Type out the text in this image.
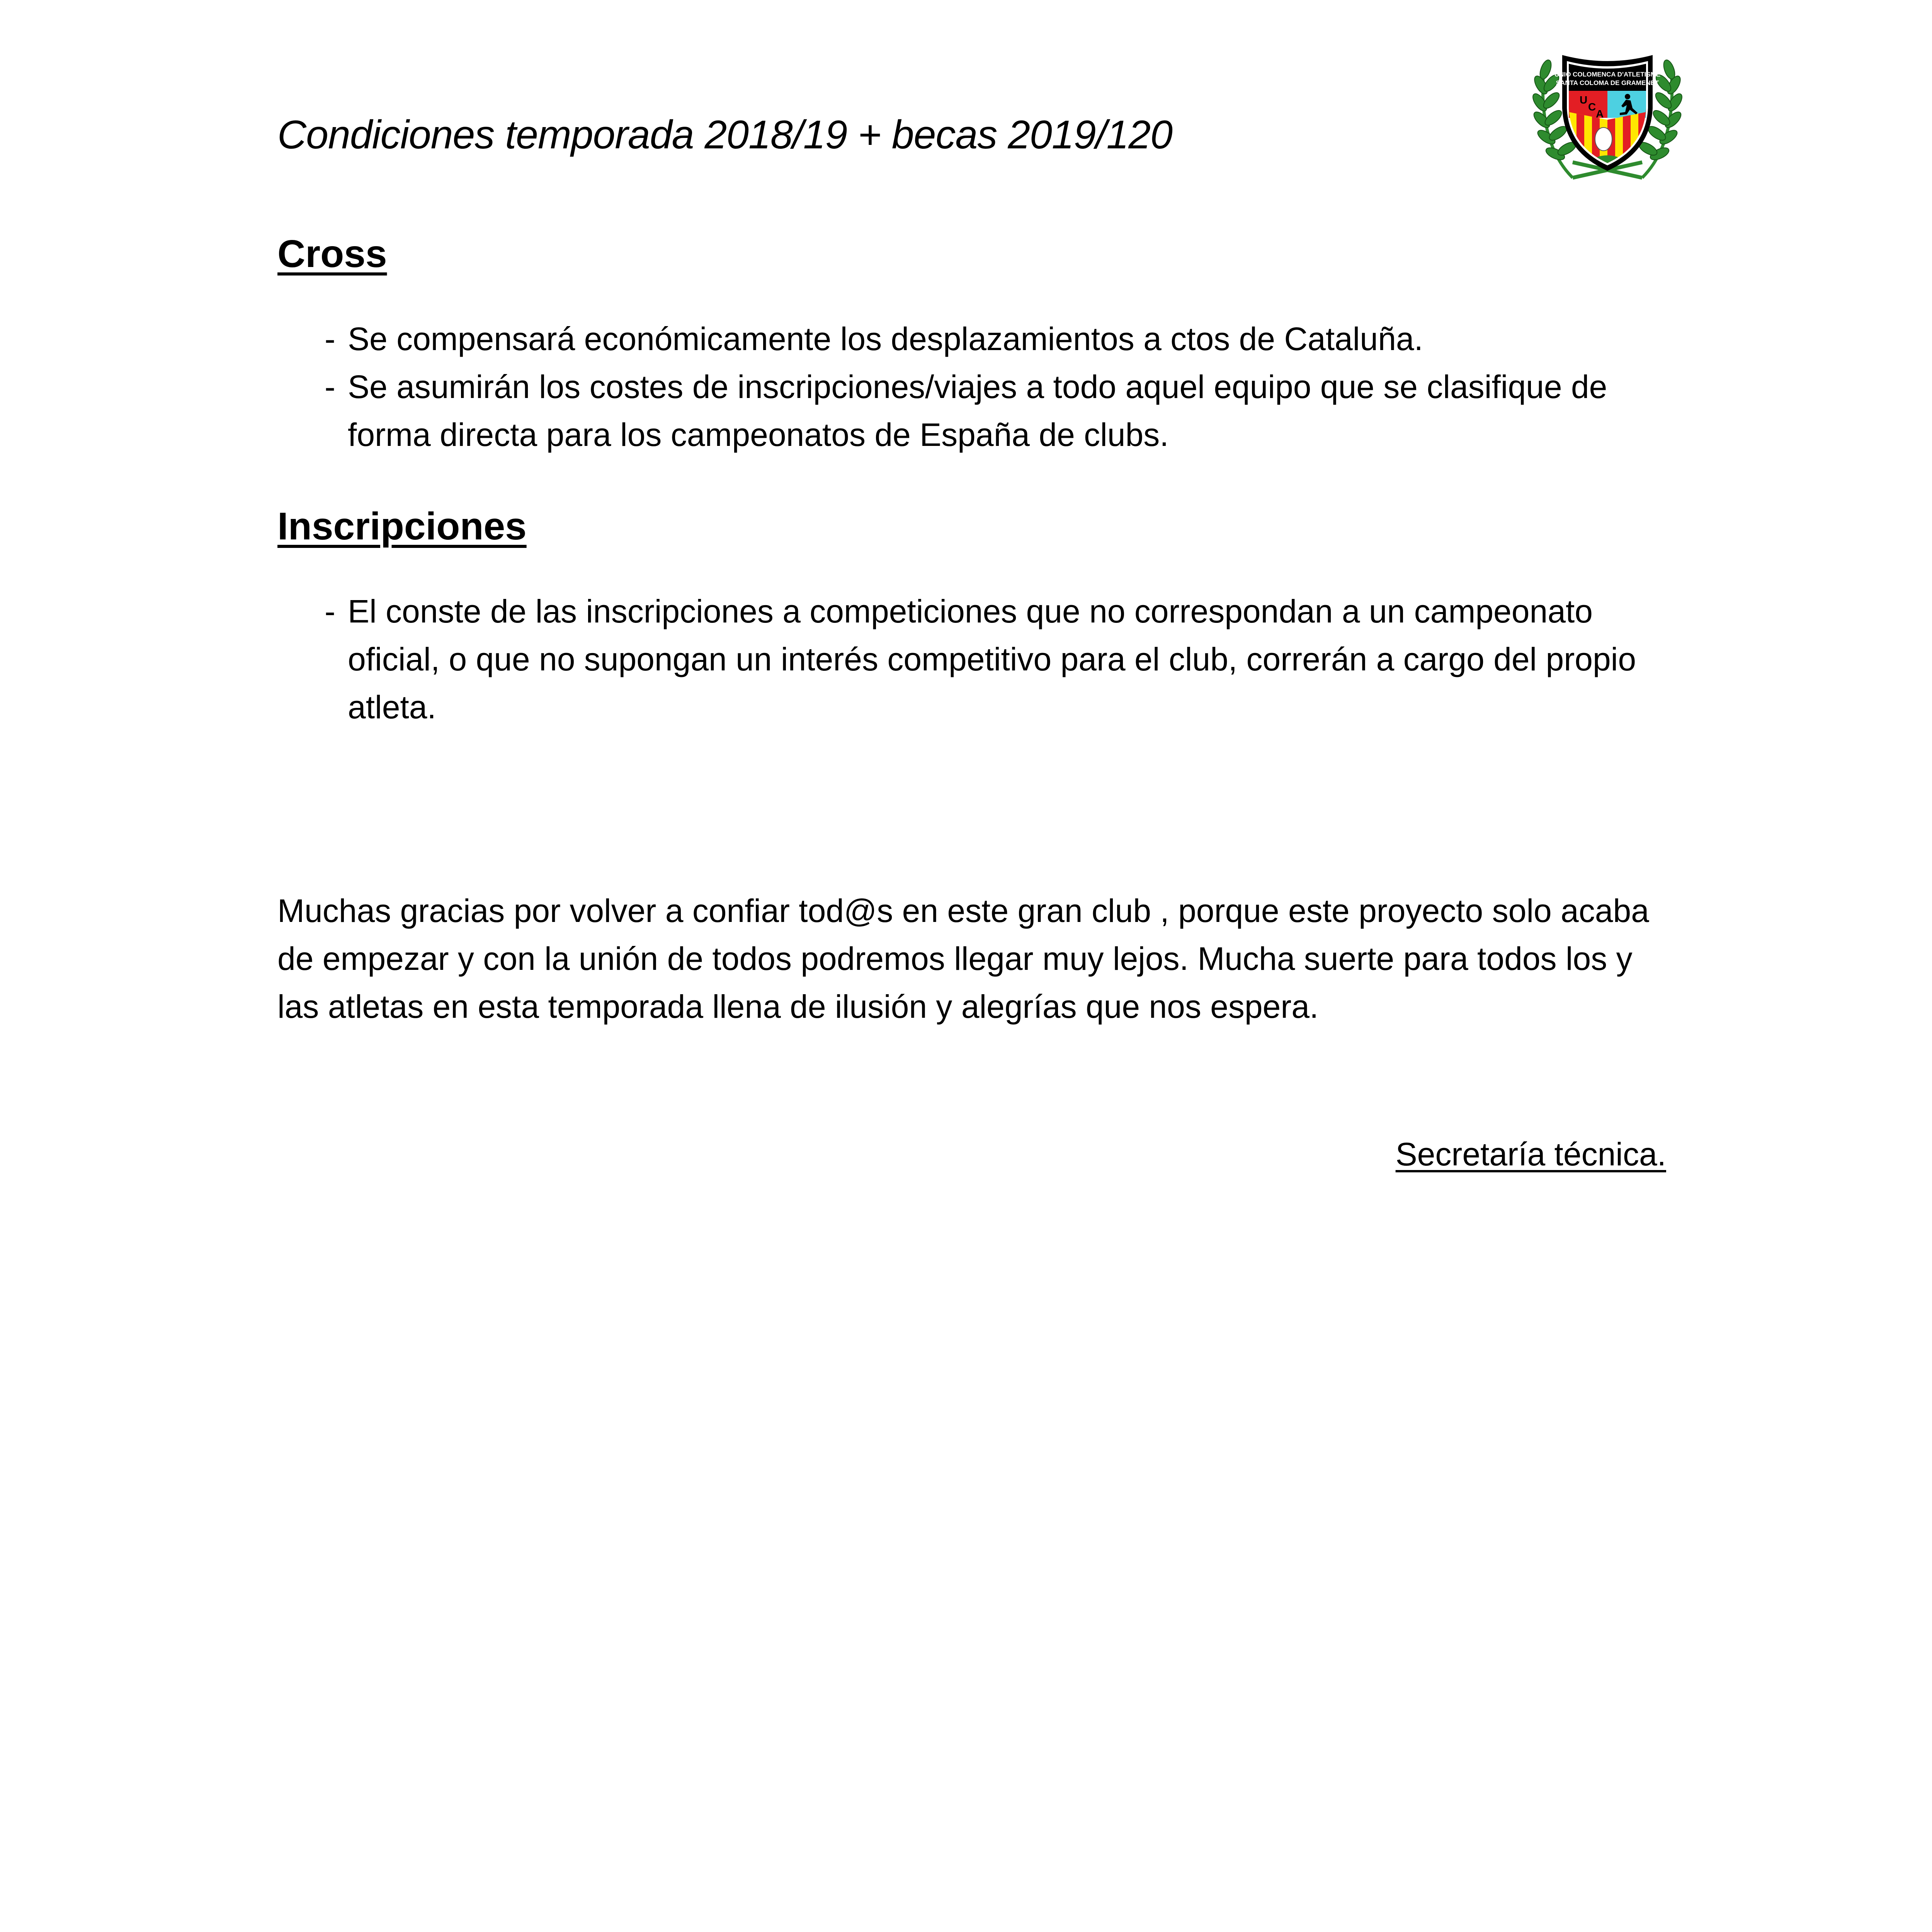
Condiciones temporada 2018/19 + becas 2019/120
UNIÓ COLOMENCA D'ATLETISME
SANTA COLOMA DE GRAMENET
U
C
A
Cross
- Se compensará económicamente los desplazamientos a ctos de Cataluña.
- Se asumirán los costes de inscripciones/viajes a todo aquel equipo que se clasifique de forma directa para los campeonatos de España de clubs.
Inscripciones
- El conste de las inscripciones a competiciones que no correspondan a un campeonato oficial, o que no supongan un interés competitivo para el club, correrán a cargo del propio atleta.

Muchas gracias por volver a confiar tod@s en este gran club , porque este proyecto solo acaba de empezar y con la unión de todos podremos llegar muy lejos. Mucha suerte para todos los y las atletas en esta temporada llena de ilusión y alegrías que nos espera.

Secretaría técnica.
